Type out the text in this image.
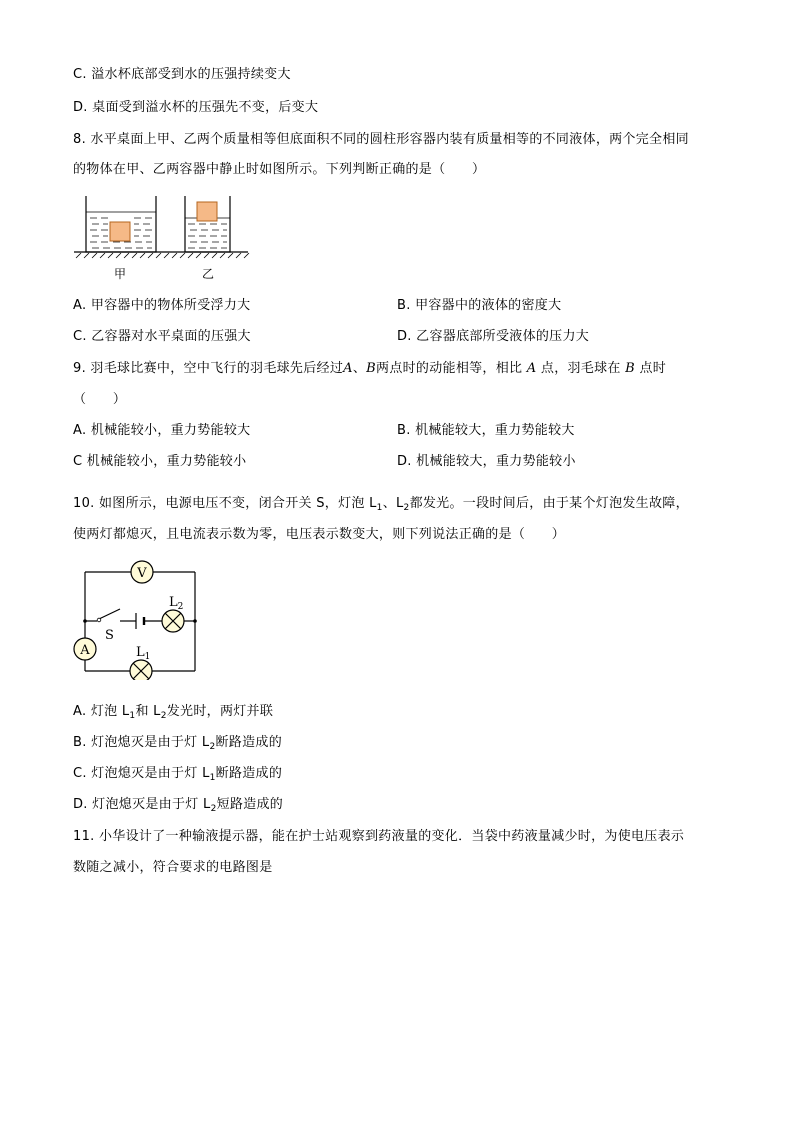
C. 溢水杯底部受到水的压强持续变大
D. 桌面受到溢水杯的压强先不变，后变大
8. 水平桌面上甲、乙两个质量相等但底面积不同的圆柱形容器内装有质量相等的不同液体，两个完全相同
的物体在甲、乙两容器中静止时如图所示。下列判断正确的是（　　）
甲	乙
A. 甲容器中的物体所受浮力大	B. 甲容器中的液体的密度大
C. 乙容器对水平桌面的压强大	D. 乙容器底部所受液体的压力大
9. 羽毛球比赛中，空中飞行的羽毛球先后经过A、B两点时的动能相等，相比 A 点，羽毛球在 B 点时
（　　）
A. 机械能较小，重力势能较大	B. 机械能较大，重力势能较大
C 机械能较小，重力势能较小	D. 机械能较大，重力势能较小
10. 如图所示，电源电压不变，闭合开关 S，灯泡 $L_1$、$L_2$都发光。一段时间后，由于某个灯泡发生故障，
使两灯都熄灭，且电流表示数为零，电压表示数变大，则下列说法正确的是（　　）
V
A
$L_2$
$L_1$
S
A. 灯泡 $L_1$和 $L_2$发光时，两灯并联
B. 灯泡熄灭是由于灯 $L_2$断路造成的
C. 灯泡熄灭是由于灯 $L_1$断路造成的
D. 灯泡熄灭是由于灯 $L_2$短路造成的
11. 小华设计了一种输液提示器，能在护士站观察到药液量的变化．当袋中药液量减少时，为使电压表示
数随之减小，符合要求的电路图是
